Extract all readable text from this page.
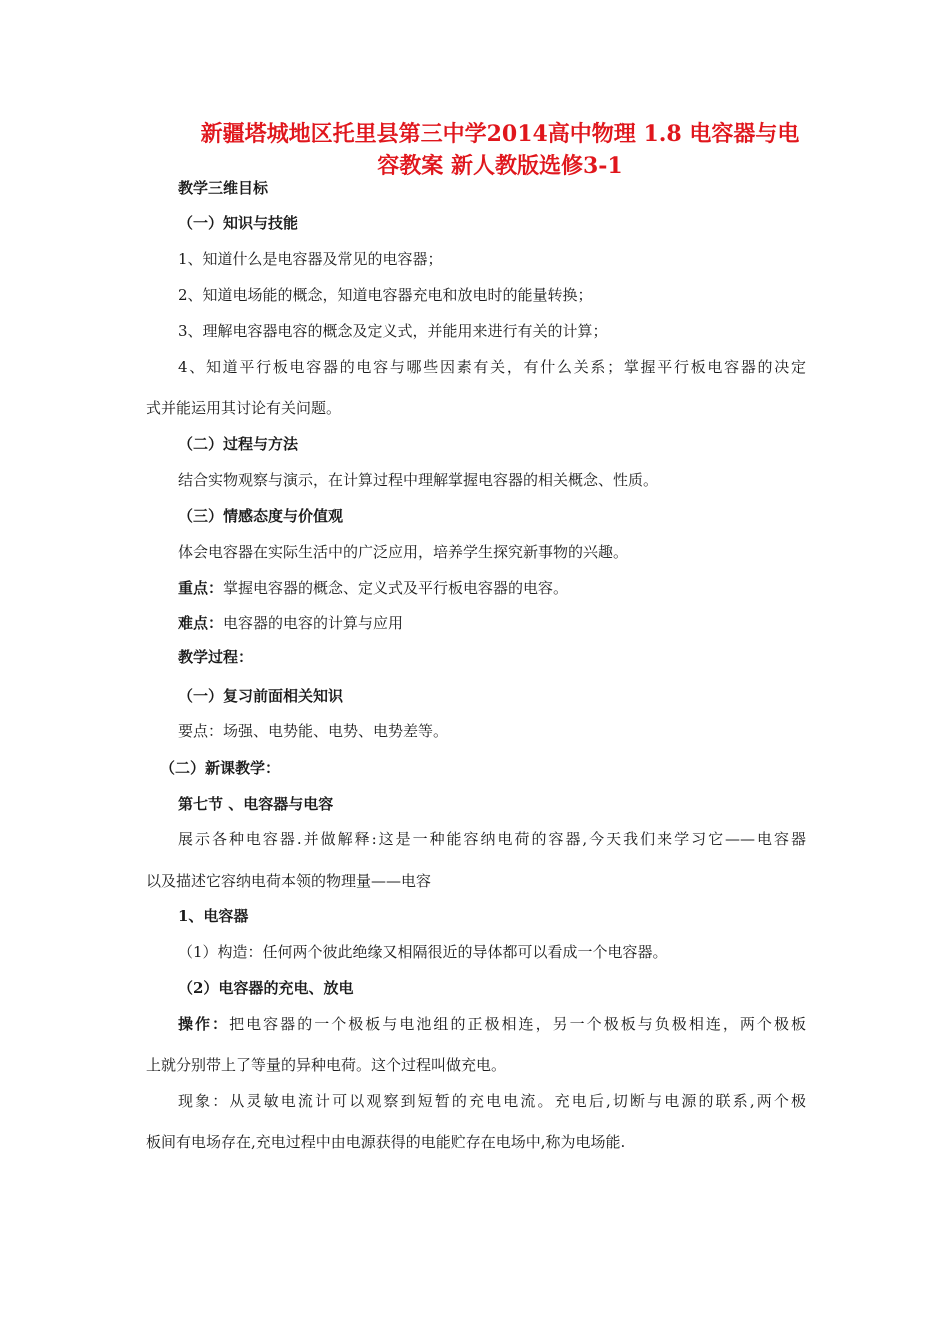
新疆塔城地区托里县第三中学2014高中物理 1.8 电容器与电
容教案 新人教版选修3-1
教学三维目标
（一）知识与技能
1、知道什么是电容器及常见的电容器；
2、知道电场能的概念，知道电容器充电和放电时的能量转换；
3、理解电容器电容的概念及定义式，并能用来进行有关的计算；
4、知道平行板电容器的电容与哪些因素有关，有什么关系；掌握平行板电容器的决定
式并能运用其讨论有关问题。
（二）过程与方法
结合实物观察与演示，在计算过程中理解掌握电容器的相关概念、性质。
（三）情感态度与价值观
体会电容器在实际生活中的广泛应用，培养学生探究新事物的兴趣。
重点：掌握电容器的概念、定义式及平行板电容器的电容。
难点：电容器的电容的计算与应用
教学过程：
（一）复习前面相关知识
要点：场强、电势能、电势、电势差等。
（二）新课教学：
第七节 、电容器与电容
展示各种电容器.并做解释:这是一种能容纳电荷的容器,今天我们来学习它——电容器
以及描述它容纳电荷本领的物理量——电容
1、电容器
（1）构造：任何两个彼此绝缘又相隔很近的导体都可以看成一个电容器。
（2）电容器的充电、放电
操作：把电容器的一个极板与电池组的正极相连，另一个极板与负极相连，两个极板
上就分别带上了等量的异种电荷。这个过程叫做充电。
现象：从灵敏电流计可以观察到短暂的充电电流。充电后,切断与电源的联系,两个极
板间有电场存在,充电过程中由电源获得的电能贮存在电场中,称为电场能.
